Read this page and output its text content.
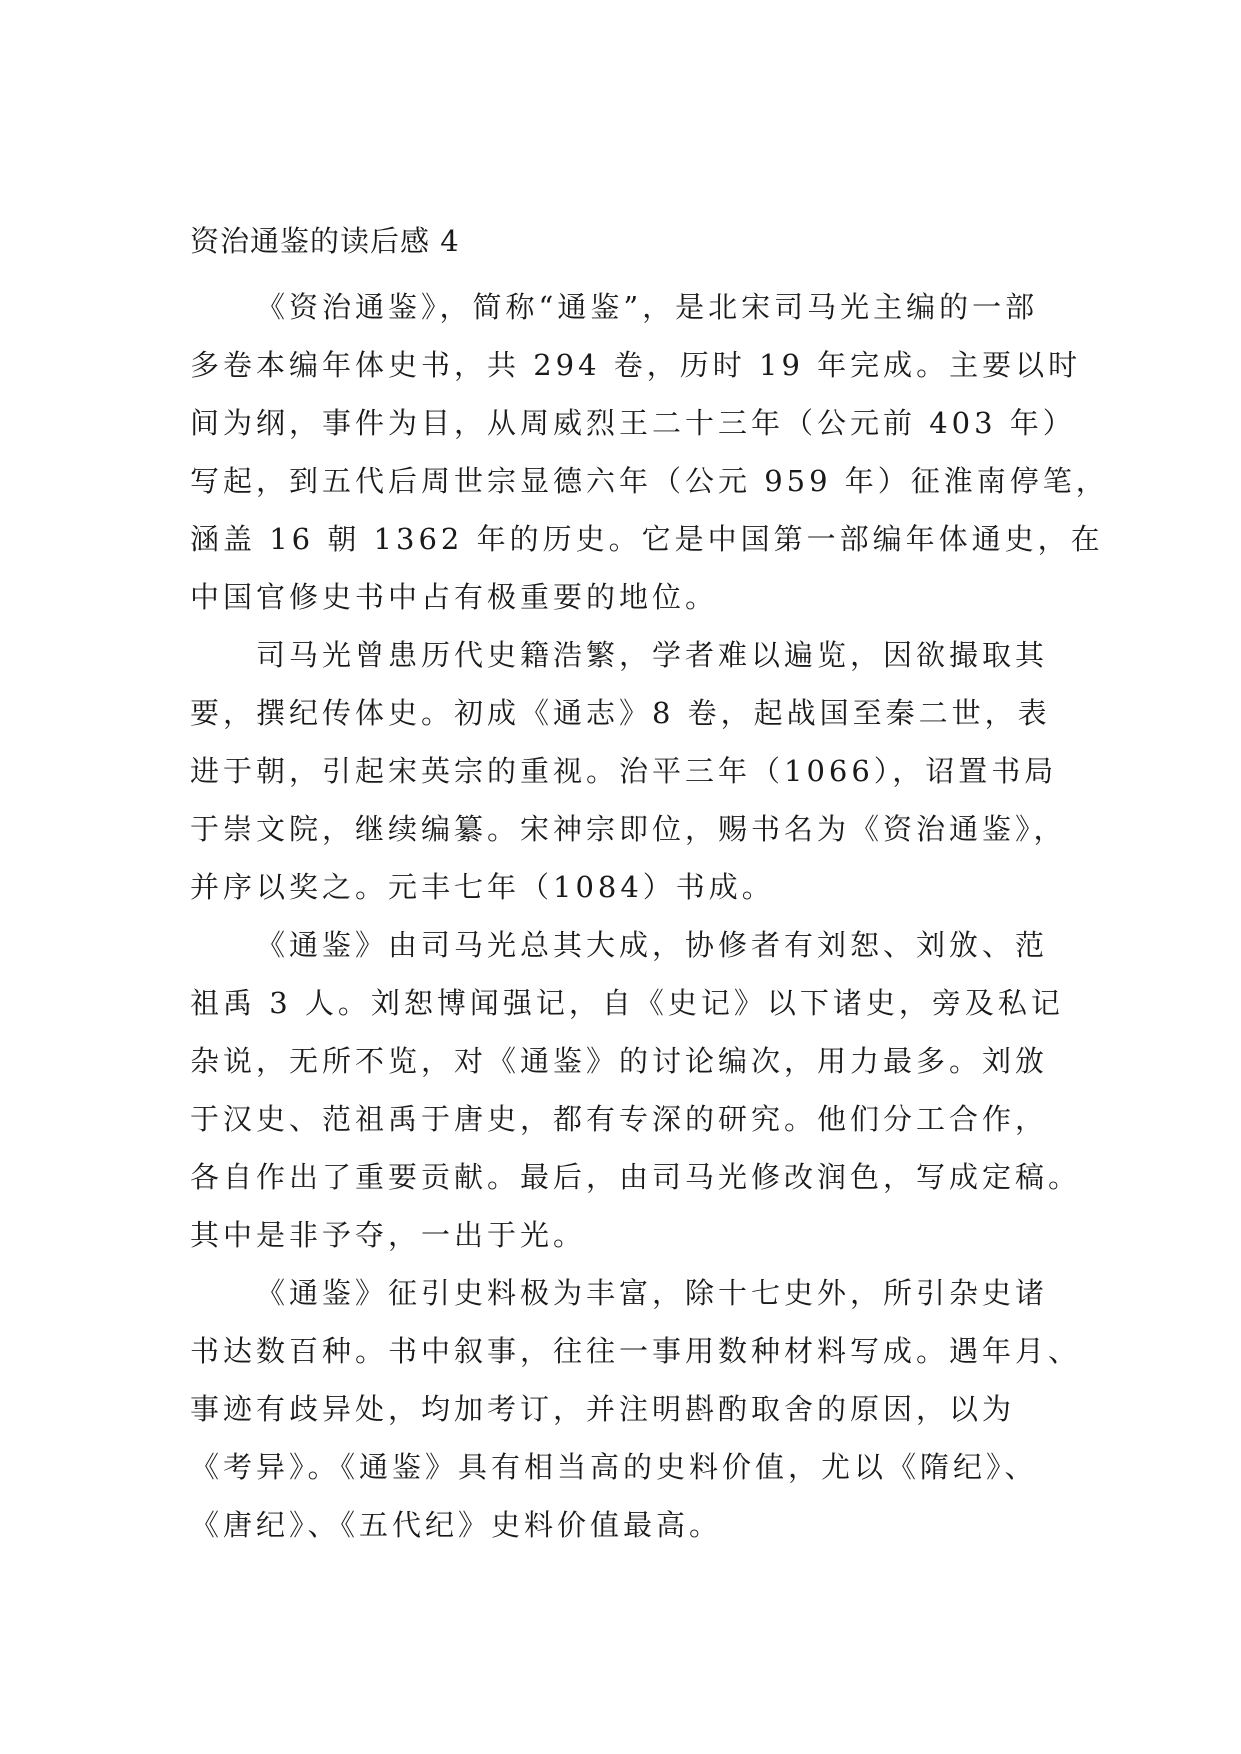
资治通鉴的读后感 4

《资治通鉴》，简称“通鉴”，是北宋司马光主编的一部
多卷本编年体史书，共 294 卷，历时 19 年完成。主要以时
间为纲，事件为目，从周威烈王二十三年（公元前 403 年）
写起，到五代后周世宗显德六年（公元 959 年）征淮南停笔，
涵盖 16 朝 1362 年的历史。它是中国第一部编年体通史，在
中国官修史书中占有极重要的地位。

司马光曾患历代史籍浩繁，学者难以遍览，因欲撮取其
要，撰纪传体史。初成《通志》8 卷，起战国至秦二世，表
进于朝，引起宋英宗的重视。治平三年（1066），诏置书局
于崇文院，继续编纂。宋神宗即位，赐书名为《资治通鉴》，
并序以奖之。元丰七年（1084）书成。

《通鉴》由司马光总其大成，协修者有刘恕、刘攽、范
祖禹 3 人。刘恕博闻强记，自《史记》以下诸史，旁及私记
杂说，无所不览，对《通鉴》的讨论编次，用力最多。刘攽
于汉史、范祖禹于唐史，都有专深的研究。他们分工合作，
各自作出了重要贡献。最后，由司马光修改润色，写成定稿。
其中是非予夺，一出于光。

《通鉴》征引史料极为丰富，除十七史外，所引杂史诸
书达数百种。书中叙事，往往一事用数种材料写成。遇年月、
事迹有歧异处，均加考订，并注明斟酌取舍的原因，以为
《考异》。《通鉴》具有相当高的史料价值，尤以《隋纪》、
《唐纪》、《五代纪》史料价值最高。
